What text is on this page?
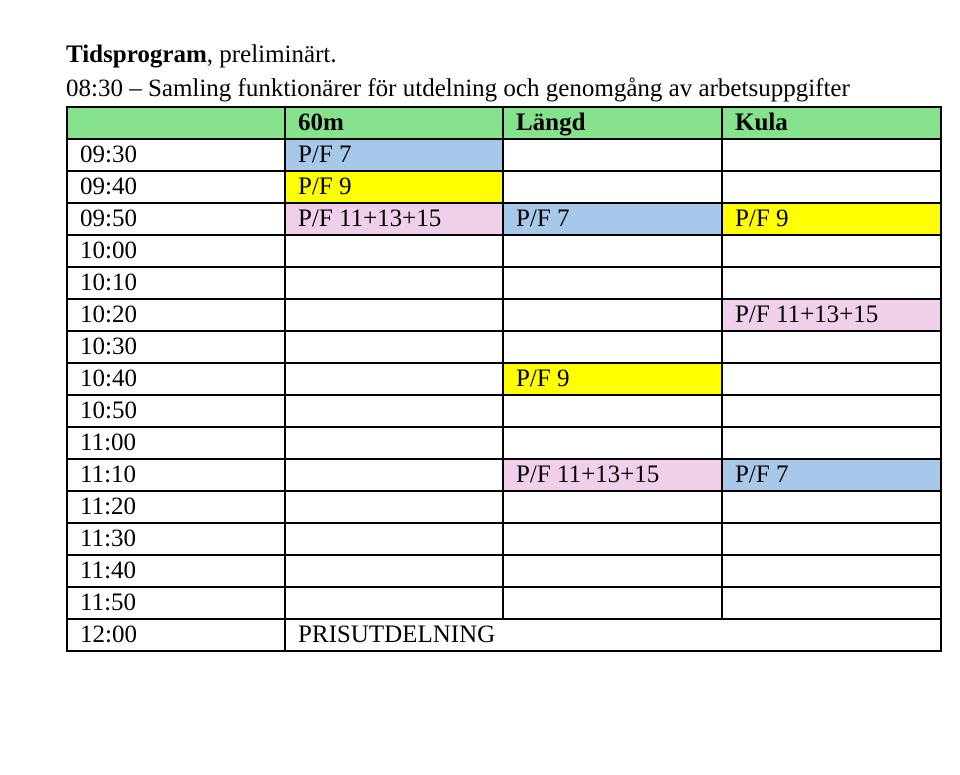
Tidsprogram, preliminärt.
08:30 – Samling funktionärer för utdelning och genomgång av arbetsuppgifter
	60m	Längd	Kula
09:30	P/F 7		
09:40	P/F 9		
09:50	P/F 11+13+15	P/F 7	P/F 9
10:00			
10:10			
10:20			P/F 11+13+15
10:30			
10:40		P/F 9	
10:50			
11:00			
11:10		P/F 11+13+15	P/F 7
11:20			
11:30			
11:40			
11:50			
12:00	PRISUTDELNING		
